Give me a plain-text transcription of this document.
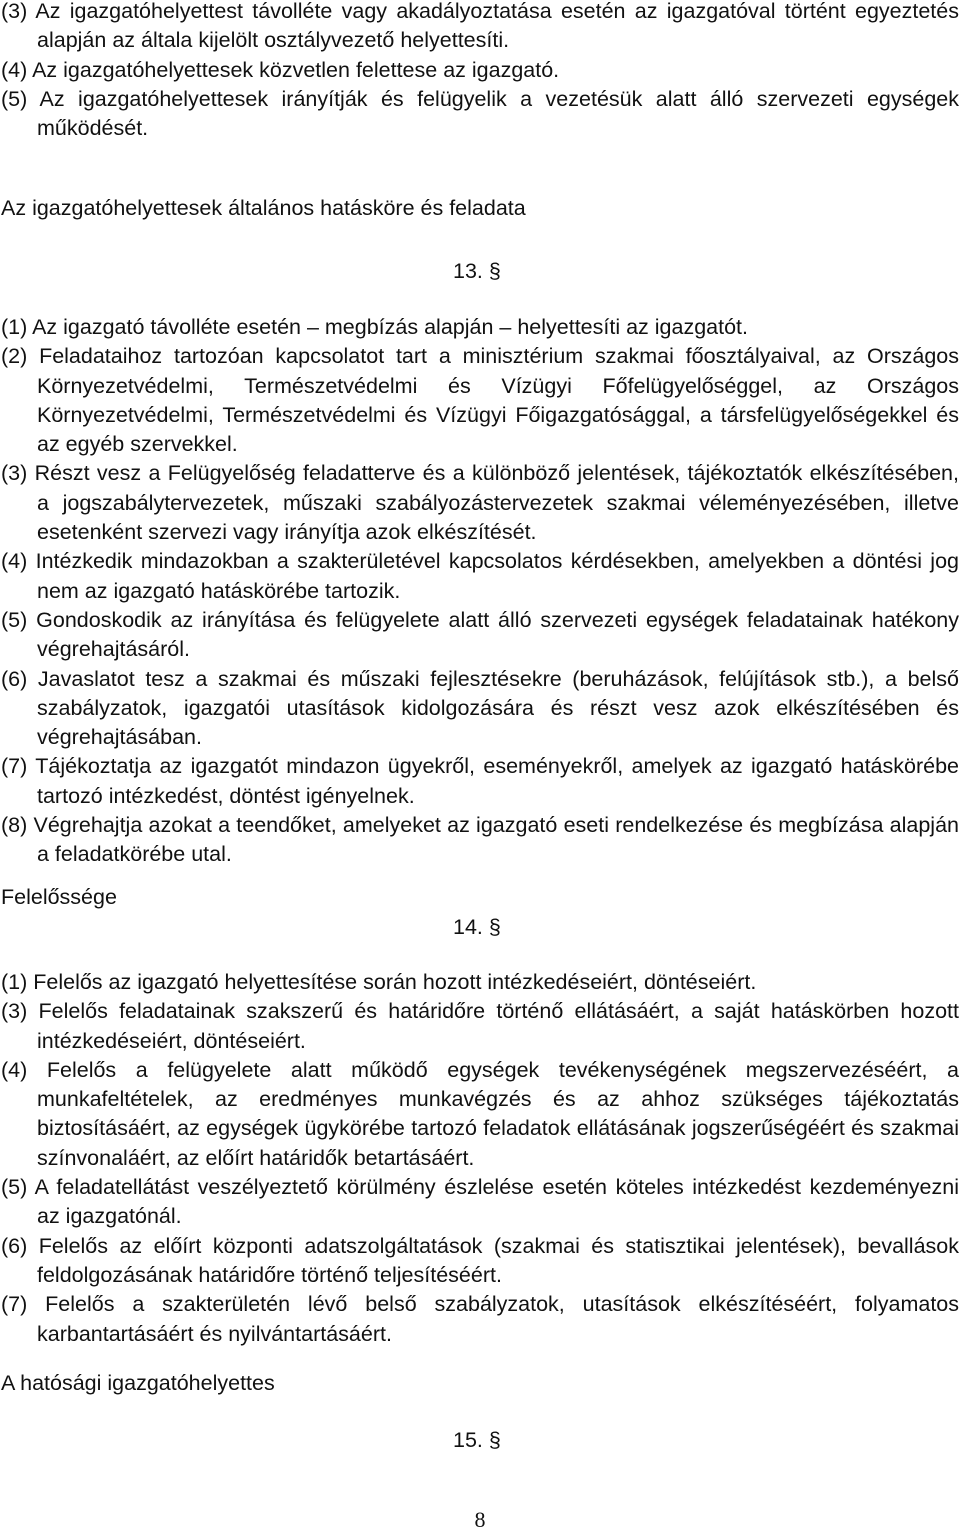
(3) Az igazgatóhelyettest távolléte vagy akadályoztatása esetén az igazgatóval történt egyeztetés alapján az általa kijelölt osztályvezető helyettesíti.
(4) Az igazgatóhelyettesek közvetlen felettese az igazgató.
(5) Az igazgatóhelyettesek irányítják és felügyelik a vezetésük alatt álló szervezeti egységek működését.
Az igazgatóhelyettesek általános hatásköre és feladata
13. §
(1) Az igazgató távolléte esetén – megbízás alapján – helyettesíti az igazgatót.
(2) Feladataihoz tartozóan kapcsolatot tart a minisztérium szakmai főosztályaival, az Országos Környezetvédelmi, Természetvédelmi és Vízügyi Főfelügyelőséggel, az Országos Környezetvédelmi, Természetvédelmi és Vízügyi Főigazgatósággal, a társfelügyelőségekkel és az egyéb szervekkel.
(3) Részt vesz a Felügyelőség feladatterve és a különböző jelentések, tájékoztatók elkészítésében, a jogszabálytervezetek, műszaki szabályozástervezetek szakmai véleményezésében, illetve esetenként szervezi vagy irányítja azok elkészítését.
(4) Intézkedik mindazokban a szakterületével kapcsolatos kérdésekben, amelyekben a döntési jog nem az igazgató hatáskörébe tartozik.
(5) Gondoskodik az irányítása és felügyelete alatt álló szervezeti egységek feladatainak hatékony végrehajtásáról.
(6) Javaslatot tesz a szakmai és műszaki fejlesztésekre (beruházások, felújítások stb.), a belső szabályzatok, igazgatói utasítások kidolgozására és részt vesz azok elkészítésében és végrehajtásában.
(7) Tájékoztatja az igazgatót mindazon ügyekről, eseményekről, amelyek az igazgató hatáskörébe tartozó intézkedést, döntést igényelnek.
(8) Végrehajtja azokat a teendőket, amelyeket az igazgató eseti rendelkezése és megbízása alapján a feladatkörébe utal.
Felelőssége
14. §
(1) Felelős az igazgató helyettesítése során hozott intézkedéseiért, döntéseiért.
(3) Felelős feladatainak szakszerű és határidőre történő ellátásáért, a saját hatáskörben hozott intézkedéseiért, döntéseiért.
(4) Felelős a felügyelete alatt működő egységek tevékenységének megszervezéséért, a munkafeltételek, az eredményes munkavégzés és az ahhoz szükséges tájékoztatás biztosításáért, az egységek ügykörébe tartozó feladatok ellátásának jogszerűségéért és szakmai színvonaláért, az előírt határidők betartásáért.
(5) A feladatellátást veszélyeztető körülmény észlelése esetén köteles intézkedést kezdeményezni az igazgatónál.
(6) Felelős az előírt központi adatszolgáltatások (szakmai és statisztikai jelentések), bevallások feldolgozásának határidőre történő teljesítéséért.
(7) Felelős a szakterületén lévő belső szabályzatok, utasítások elkészítéséért, folyamatos karbantartásáért és nyilvántartásáért.
A hatósági igazgatóhelyettes
15. §
8
